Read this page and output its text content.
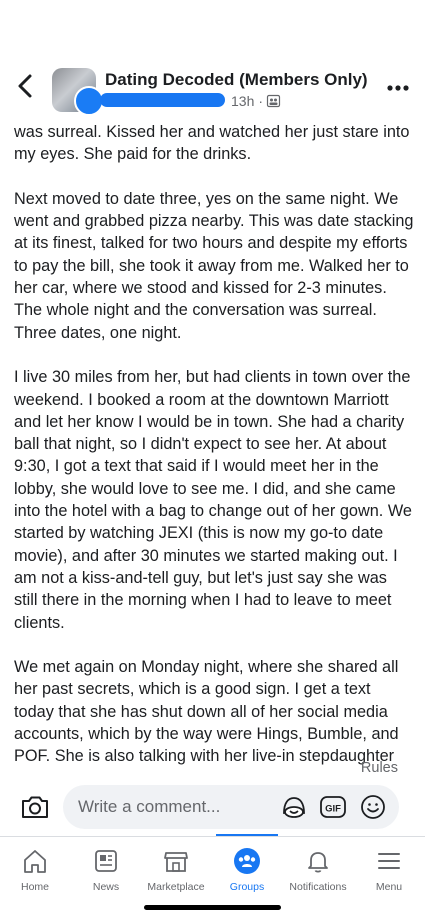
Dating Decoded (Members Only)
13h ·

was surreal. Kissed her and watched her just stare into my eyes. She paid for the drinks.

Next moved to date three, yes on the same night. We went and grabbed pizza nearby. This was date stacking at its finest, talked for two hours and despite my efforts to pay the bill, she took it away from me. Walked her to her car, where we stood and kissed for 2-3 minutes. The whole night and the conversation was surreal. Three dates, one night.

I live 30 miles from her, but had clients in town over the weekend. I booked a room at the downtown Marriott and let her know I would be in town. She had a charity ball that night, so I didn't expect to see her. At about 9:30, I got a text that said if I would meet her in the lobby, she would love to see me. I did, and she came into the hotel with a bag to change out of her gown. We started by watching JEXI (this is now my go-to date movie), and after 30 minutes we started making out. I am not a kiss-and-tell guy, but let's just say she was still there in the morning when I had to leave to meet clients.

We met again on Monday night, where she shared all her past secrets, which is a good sign. I get a text today that she has shut down all of her social media accounts, which by the way were Hings, Bumble, and POF. She is also talking with her live-in stepdaughter

Rules
Write a comment...
GIF
Home	News	Marketplace	Groups	Notifications	Menu
